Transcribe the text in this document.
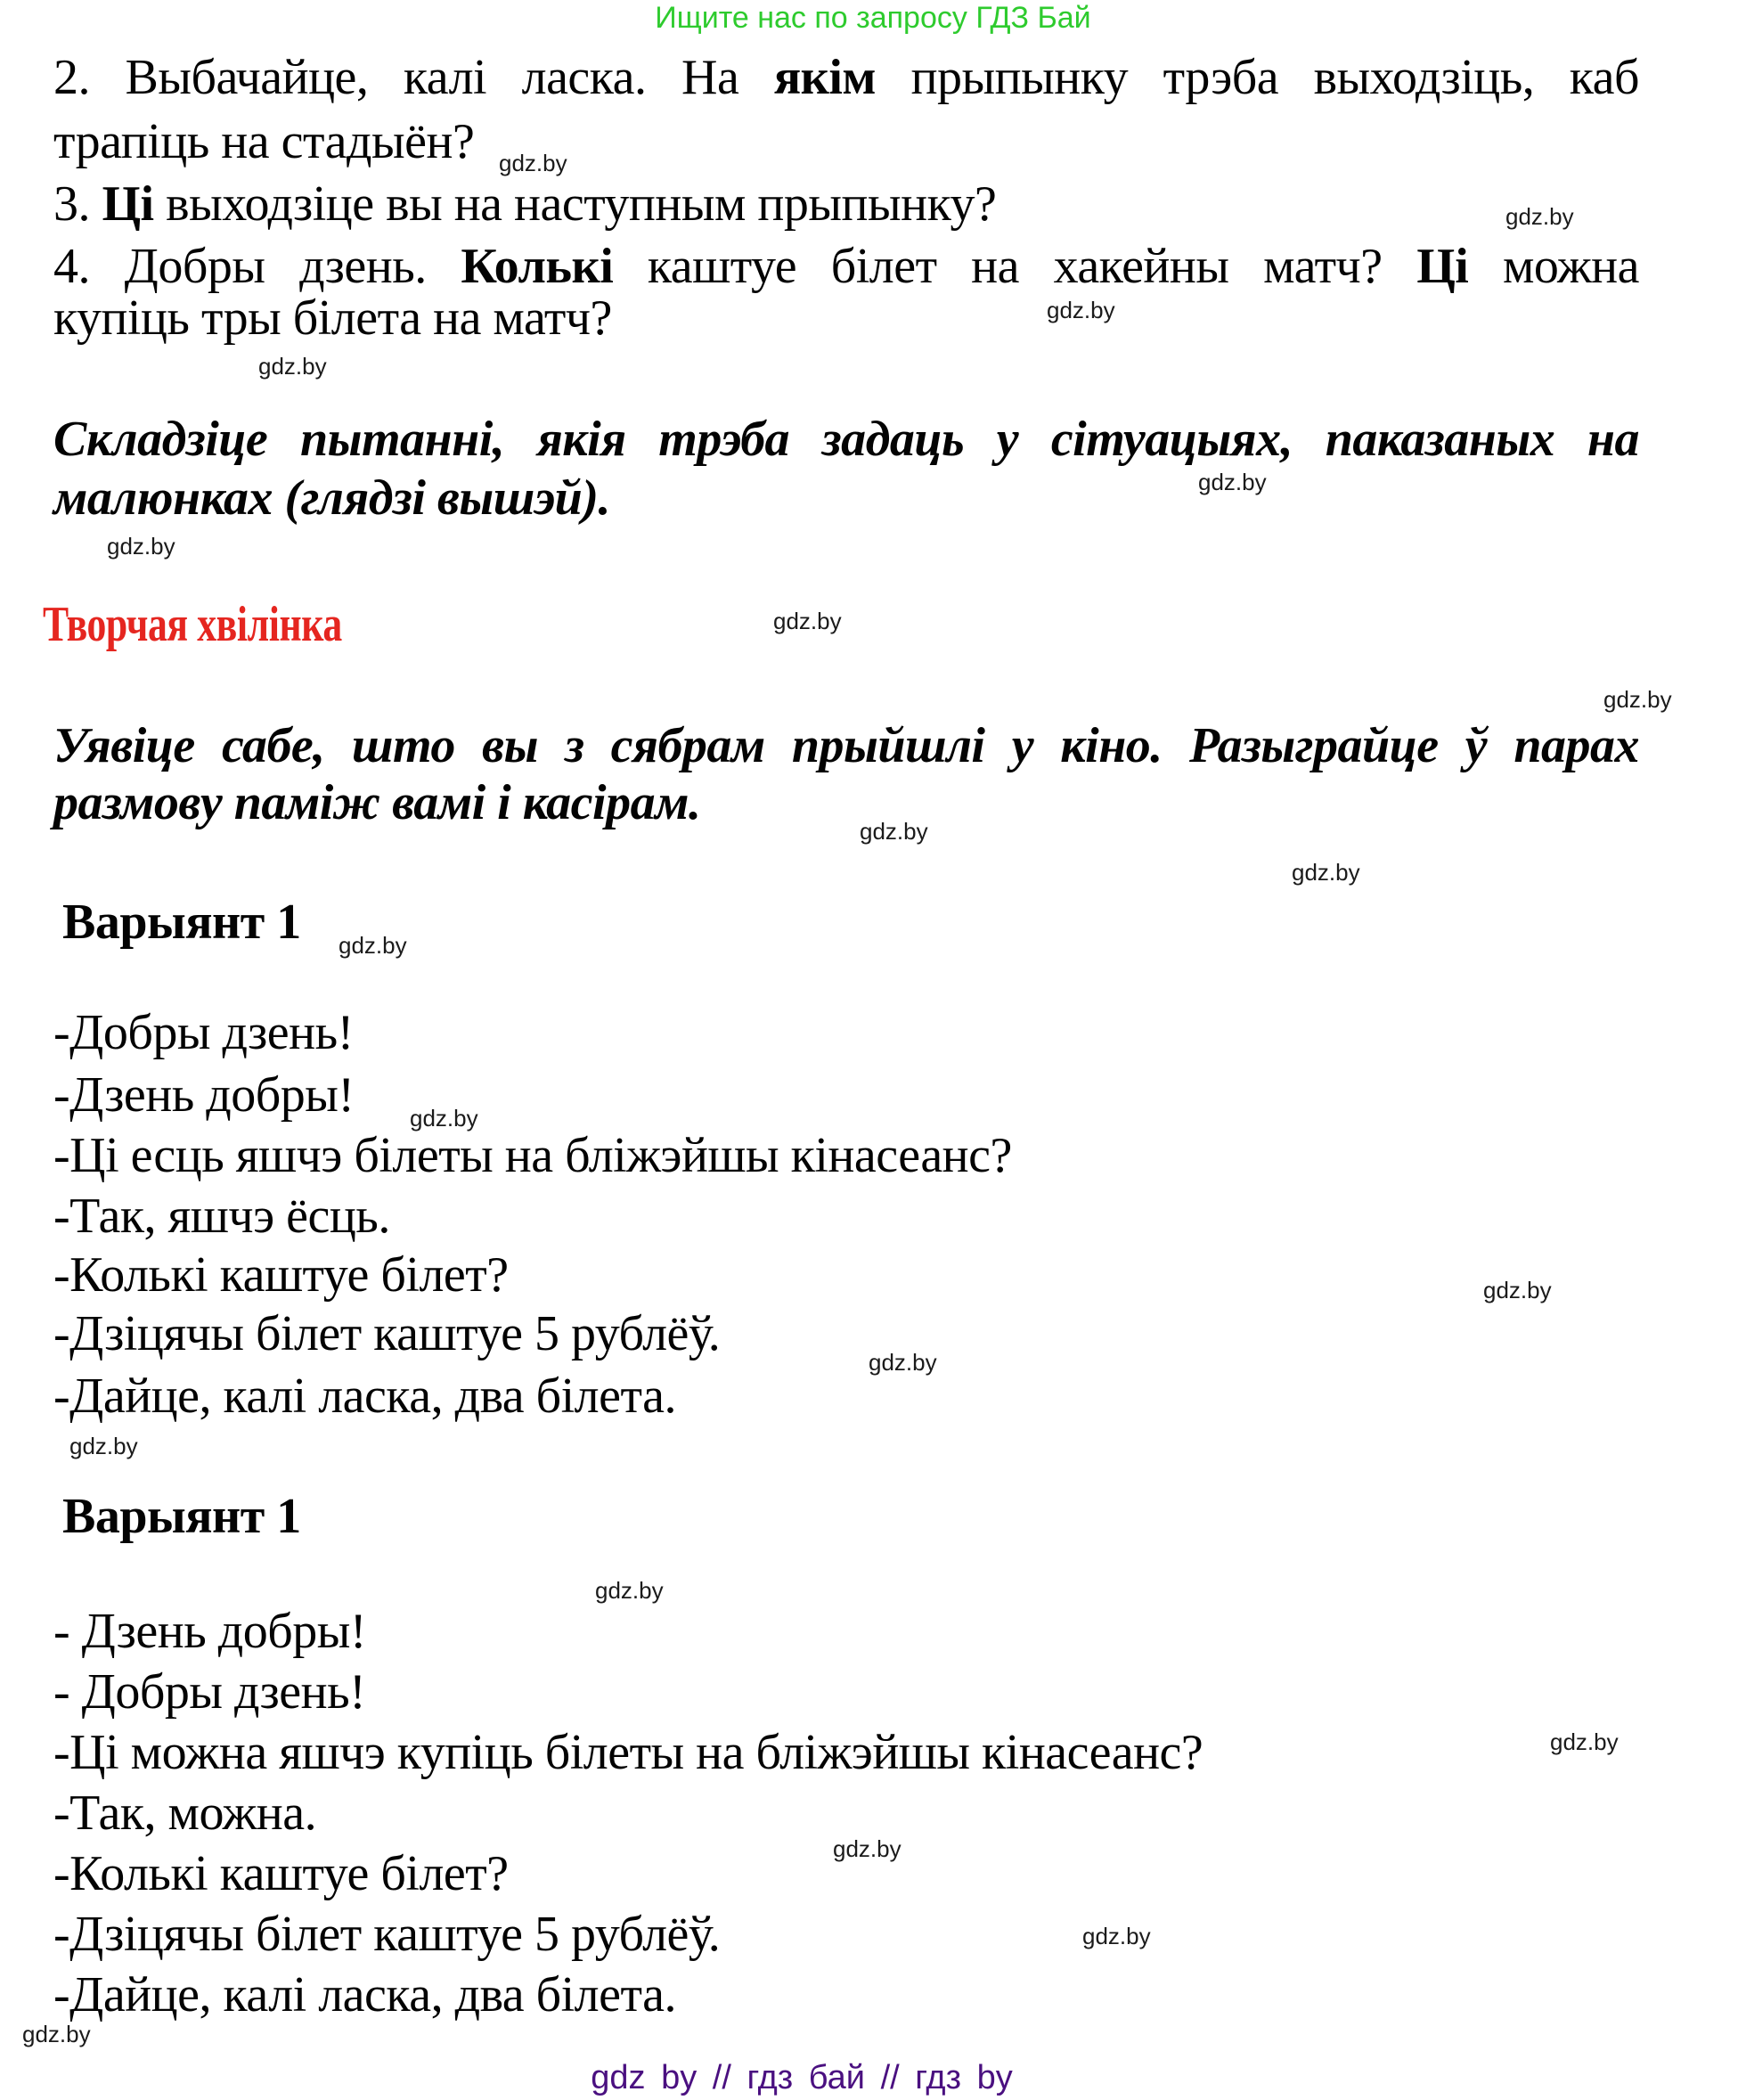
Ищите нас по запросу ГДЗ Бай
2. Выбачайце, калі ласка. На якім прыпынку трэба выходзіць, каб
трапіць на стадыён?
3. Ці выходзіце вы на наступным прыпынку?
4. Добры дзень. Колькі каштуе білет на хакейны матч? Ці можна
купіць тры білета на матч?
Складзіце пытанні, якія трэба задаць у сітуацыях, паказаных на
малюнках (глядзі вышэй).
Творчая хвілінка
Уявіце сабе, што вы з сябрам прыйшлі у кіно. Разыграйце ў парах
размову паміж вамі і касірам.
Варыянт 1
-Добры дзень!
-Дзень добры!
-Ці есць яшчэ білеты на бліжэйшы кінасеанс?
-Так, яшчэ ёсць.
-Колькі каштуе білет?
-Дзіцячы білет каштуе 5 рублёў.
-Дайце, калі ласка, два білета.
Варыянт 1
- Дзень добры!
- Добры дзень!
-Ці можна яшчэ купіць білеты на бліжэйшы кінасеанс?
-Так, можна.
-Колькі каштуе білет?
-Дзіцячы білет каштуе 5 рублёў.
-Дайце, калі ласка, два білета.
gdz.by
gdz.by
gdz.by
gdz.by
gdz.by
gdz.by
gdz.by
gdz.by
gdz.by
gdz.by
gdz.by
gdz.by
gdz.by
gdz.by
gdz.by
gdz.by
gdz.by
gdz.by
gdz.by
gdz.by
gdz by // гдз бай // гдз by
